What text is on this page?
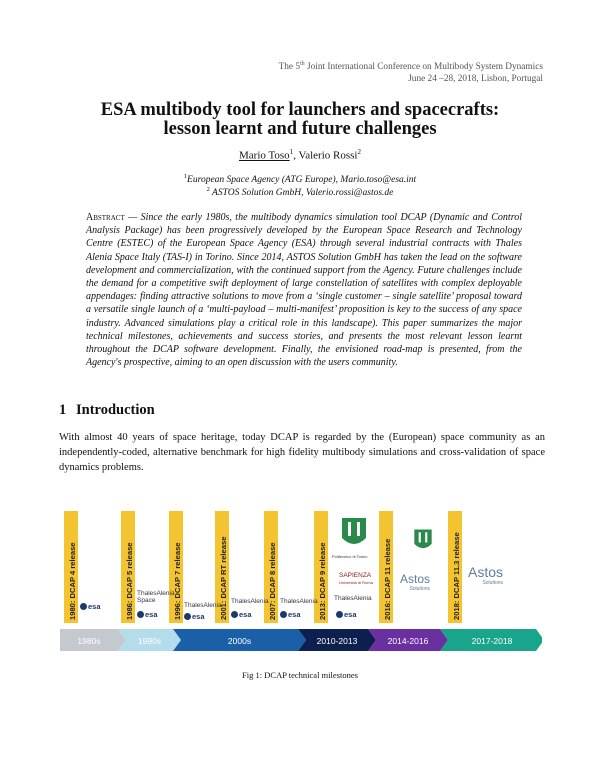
The 5th Joint International Conference on Multibody System Dynamics
June 24 –28, 2018, Lisbon, Portugal
ESA multibody tool for launchers and spacecrafts:
lesson learnt and future challenges
Mario Toso$^1$, Valerio Rossi$^2$
$^1$European Space Agency (ATG Europe), Mario.toso@esa.int
$^2$ ASTOS Solution GmbH, Valerio.rossi@astos.de
Abstract — Since the early 1980s, the multibody dynamics simulation tool DCAP (Dynamic and Control Analysis Package) has been progressively developed by the European Space Research and Technology Centre (ESTEC) of the European Space Agency (ESA) through several industrial contracts with Thales Alenia Space Italy (TAS-I) in Torino. Since 2014, ASTOS Solution GmbH has taken the lead on the software development and commercialization, with the continued support from the Agency. Future challenges include the demand for a competitive swift deployment of large constellation of satellites with complex deployable appendages: finding attractive solutions to move from a ‘single customer – single satellite’ proposal toward a versatile single launch of a ‘multi-payload – multi-manifest’ proposition is key to the success of any space industry. Advanced simulations play a critical role in this landscape). This paper summarizes the major technical milestones, achievements and success stories, and presents the most relevant lesson learnt throughout the DCAP software development. Finally, the envisioned road-map is presented, from the Agency's prospective, aiming to an open discussion with the users community.
1 Introduction
With almost 40 years of space heritage, today DCAP is regarded by the (European) space community as an independently-coded, alternative benchmark for high fidelity multibody simulations and cross-validation of space dynamics problems.
1980: DCAP 4 release	1986: DCAP 5 release	1996: DCAP 7 release	2001: DCAP RT release	2007: DCAP 8 release	2013: DCAP 9 release	2016: DCAP 11 release	2018: DCAP 11.3 release
esa
ThalesAlenia
Space
esa
ThalesAlenia
esa
ThalesAlenia
esa
ThalesAlenia
esa
Politecnico di Torino
SAPIENZA
Università di Roma
ThalesAlenia
esa
Astos
Solutions
Astos
Solutions
1980s	1990s	2000s	2010-2013	2014-2016	2017-2018
Fig 1: DCAP technical milestones
